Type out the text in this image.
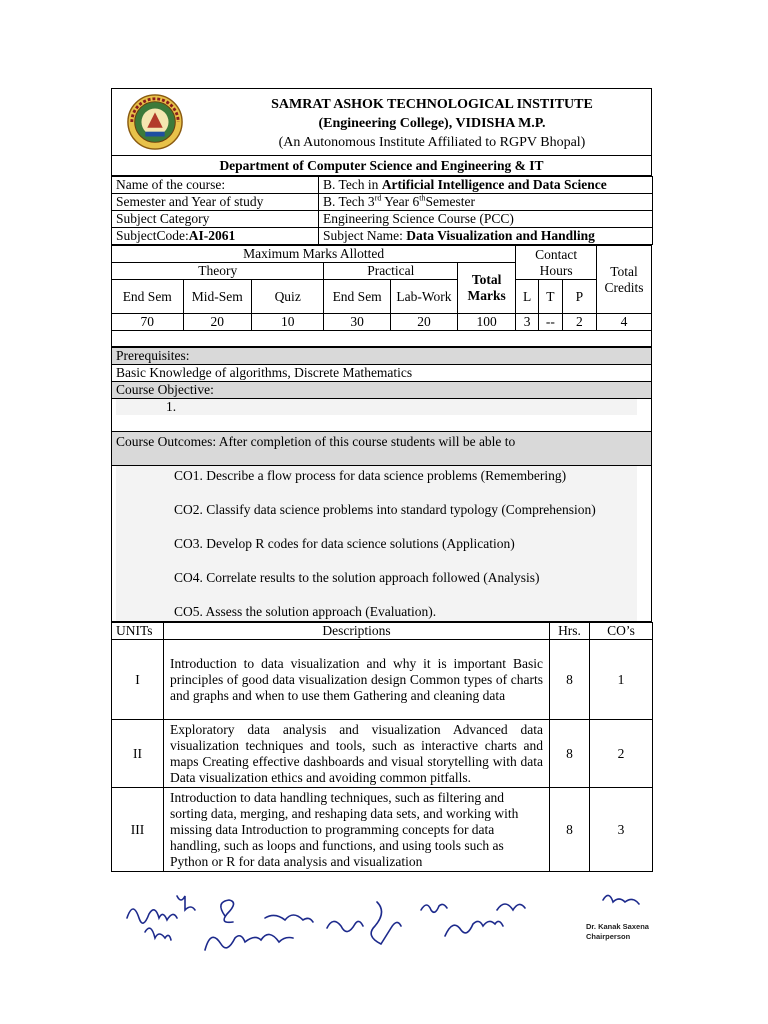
SAMRAT ASHOK TECHNOLOGICAL INSTITUTE
(Engineering College), VIDISHA M.P.
(An Autonomous Institute Affiliated to RGPV Bhopal)

Department of Computer Science and Engineering & IT
Name of the course:	B. Tech in Artificial Intelligence and Data Science
Semester and Year of study	B. Tech 3rd Year 6thSemester
Subject Category	Engineering Science Course (PCC)
SubjectCode:AI-2061	Subject Name: Data Visualization and Handling
Maximum Marks Allotted						Contact Hours			Total Credits
Theory			Practical		Total Marks				
End Sem	Mid-Sem	Quiz	End Sem	Lab-Work		L	T	P	
70	20	10	30	20	100	3	--	2	4

Prerequisites:
Basic Knowledge of algorithms, Discrete Mathematics
Course Objective:

1.

Course Outcomes: After completion of this course students will be able to

CO1. Describe a flow process for data science problems (Remembering)
CO2. Classify data science problems into standard typology (Comprehension)
CO3. Develop R codes for data science solutions (Application)
CO4. Correlate results to the solution approach followed (Analysis)
CO5. Assess the solution approach (Evaluation).
UNITs	Descriptions	Hrs.	CO’s
I	Introduction to data visualization and why it is important Basic principles of good data visualization design Common types of charts and graphs and when to use them Gathering and cleaning data	8	1
II	Exploratory data analysis and visualization Advanced data visualization techniques and tools, such as interactive charts and maps Creating effective dashboards and visual storytelling with data Data visualization ethics and avoiding common pitfalls.	8	2
III	Introduction to data handling techniques, such as filtering and sorting data, merging, and reshaping data sets, and working with missing data Introduction to programming concepts for data handling, such as loops and functions, and using tools such as Python or R for data analysis and visualization	8	3
Dr. Kanak Saxena
Chairperson
